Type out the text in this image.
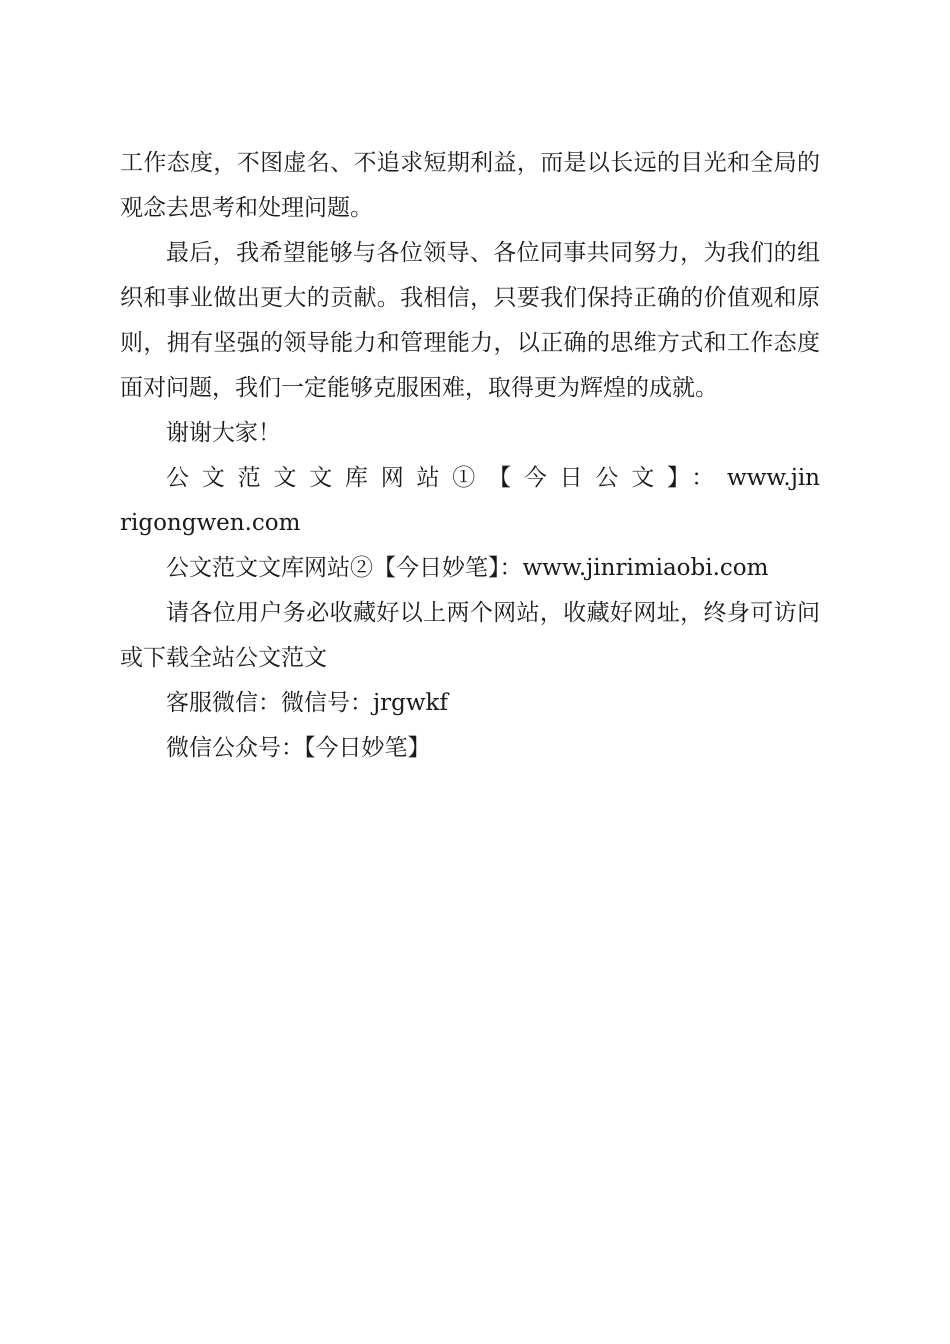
工作态度，不图虚名、不追求短期利益，而是以长远的目光和全局的观念去思考和处理问题。

最后，我希望能够与各位领导、各位同事共同努力，为我们的组织和事业做出更大的贡献。我相信，只要我们保持正确的价值观和原则，拥有坚强的领导能力和管理能力，以正确的思维方式和工作态度面对问题，我们一定能够克服困难，取得更为辉煌的成就。

谢谢大家！

公文范文文库网站①【今日公文】：www.jinrigongwen.com

公文范文文库网站②【今日妙笔】：www.jinrimiaobi.com

请各位用户务必收藏好以上两个网站，收藏好网址，终身可访问或下载全站公文范文

客服微信：微信号：jrgwkf

微信公众号：【今日妙笔】
